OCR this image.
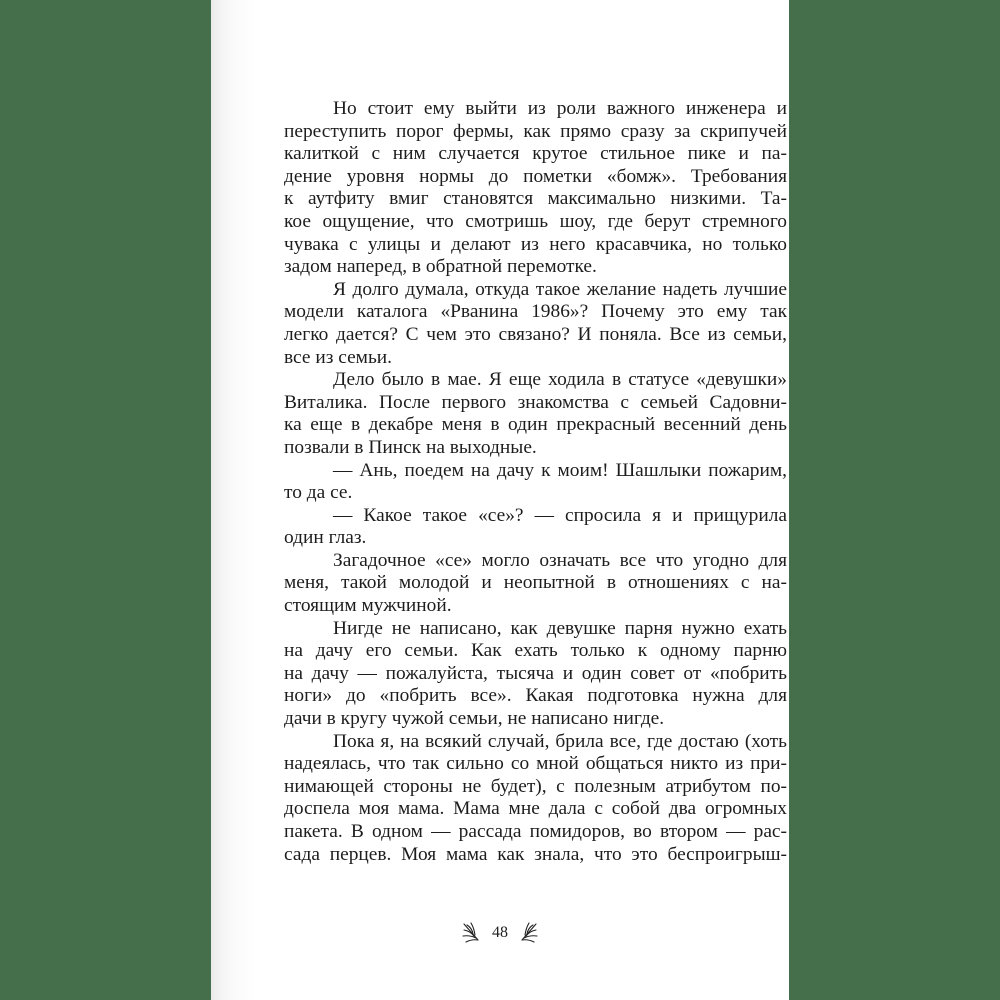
Но стоит ему выйти из роли важного инженера и
переступить порог фермы, как прямо сразу за скрипучей
калиткой с ним случается крутое стильное пике и па-
дение уровня нормы до пометки «бомж». Требования
к аутфиту вмиг становятся максимально низкими. Та-
кое ощущение, что смотришь шоу, где берут стремного
чувака с улицы и делают из него красавчика, но только
задом наперед, в обратной перемотке.
Я долго думала, откуда такое желание надеть лучшие
модели каталога «Рванина 1986»? Почему это ему так
легко дается? С чем это связано? И поняла. Все из семьи,
все из семьи.
Дело было в мае. Я еще ходила в статусе «девушки»
Виталика. После первого знакомства с семьей Садовни-
ка еще в декабре меня в один прекрасный весенний день
позвали в Пинск на выходные.
— Ань, поедем на дачу к моим! Шашлыки пожарим,
то да се.
— Какое такое «се»? — спросила я и прищурила
один глаз.
Загадочное «се» могло означать все что угодно для
меня, такой молодой и неопытной в отношениях с на-
стоящим мужчиной.
Нигде не написано, как девушке парня нужно ехать
на дачу его семьи. Как ехать только к одному парню
на дачу — пожалуйста, тысяча и один совет от «побрить
ноги» до «побрить все». Какая подготовка нужна для
дачи в кругу чужой семьи, не написано нигде.
Пока я, на всякий случай, брила все, где достаю (хоть
надеялась, что так сильно со мной общаться никто из при-
нимающей стороны не будет), с полезным атрибутом по-
доспела моя мама. Мама мне дала с собой два огромных
пакета. В одном — рассада помидоров, во втором — рас-
сада перцев. Моя мама как знала, что это беспроигрыш-
48
